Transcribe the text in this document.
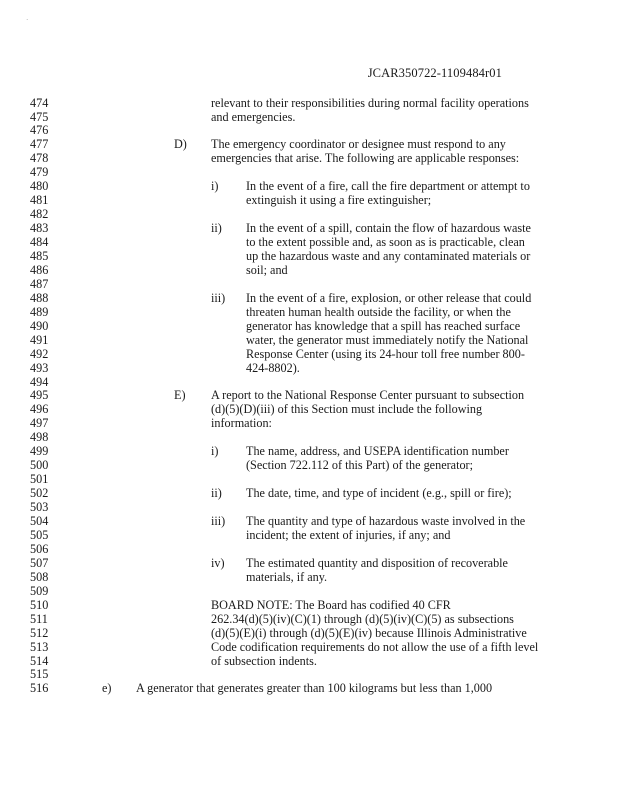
·
JCAR350722-1109484r01
474	relevant to their responsibilities during normal facility operations
475	and emergencies.
476
477	D) The emergency coordinator or designee must respond to any
478	emergencies that arise. The following are applicable responses:
479
480	i) In the event of a fire, call the fire department or attempt to
481	extinguish it using a fire extinguisher;
482
483	ii) In the event of a spill, contain the flow of hazardous waste
484	to the extent possible and, as soon as is practicable, clean
485	up the hazardous waste and any contaminated materials or
486	soil; and
487
488	iii) In the event of a fire, explosion, or other release that could
489	threaten human health outside the facility, or when the
490	generator has knowledge that a spill has reached surface
491	water, the generator must immediately notify the National
492	Response Center (using its 24-hour toll free number 800-
493	424-8802).
494
495	E) A report to the National Response Center pursuant to subsection
496	(d)(5)(D)(iii) of this Section must include the following
497	information:
498
499	i) The name, address, and USEPA identification number
500	(Section 722.112 of this Part) of the generator;
501
502	ii) The date, time, and type of incident (e.g., spill or fire);
503
504	iii) The quantity and type of hazardous waste involved in the
505	incident; the extent of injuries, if any; and
506
507	iv) The estimated quantity and disposition of recoverable
508	materials, if any.
509
510	BOARD NOTE: The Board has codified 40 CFR
511	262.34(d)(5)(iv)(C)(1) through (d)(5)(iv)(C)(5) as subsections
512	(d)(5)(E)(i) through (d)(5)(E)(iv) because Illinois Administrative
513	Code codification requirements do not allow the use of a fifth level
514	of subsection indents.
515
516	e) A generator that generates greater than 100 kilograms but less than 1,000
